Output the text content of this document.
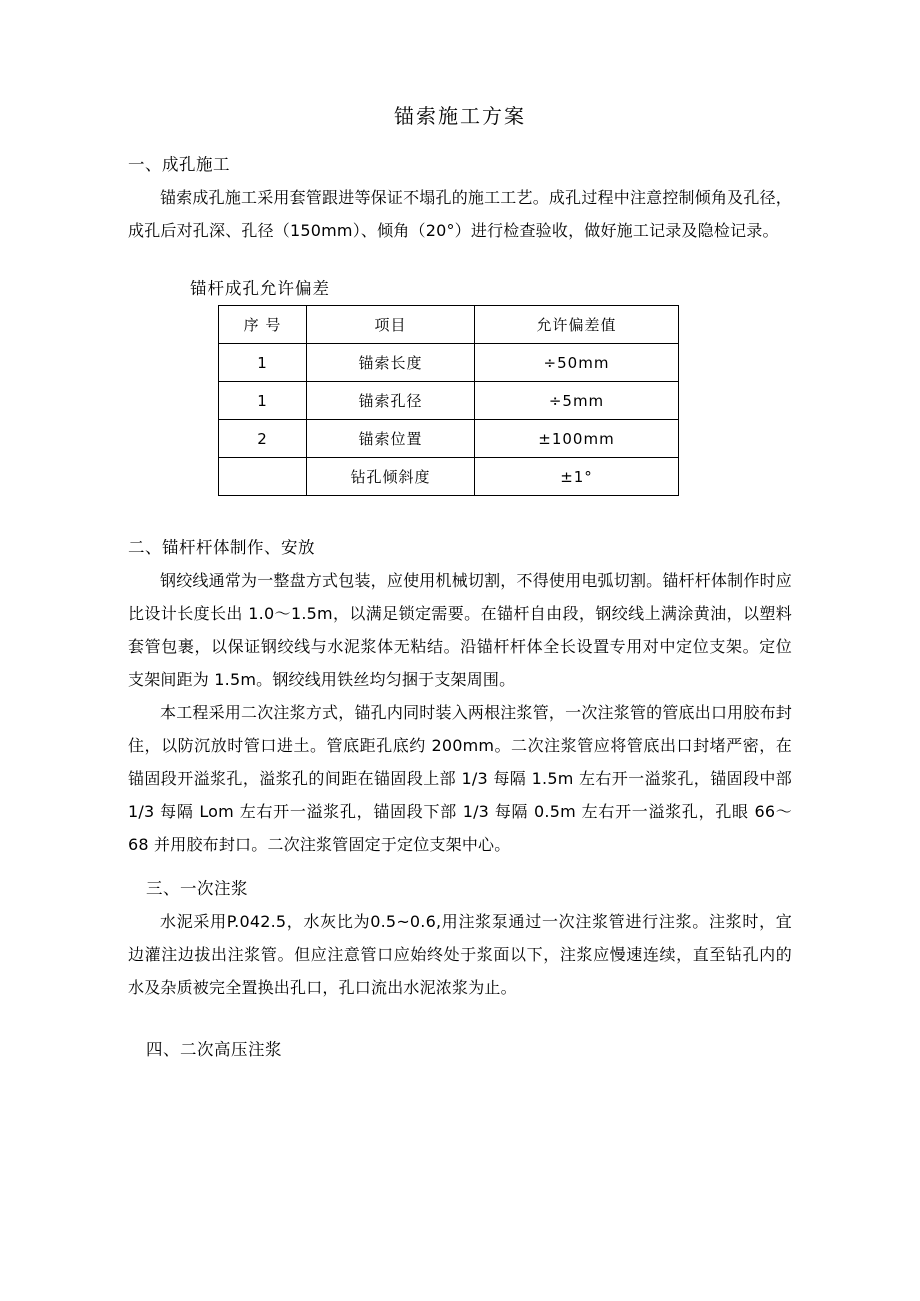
锚索施工方案
一、成孔施工

锚索成孔施工采用套管跟进等保证不塌孔的施工工艺。成孔过程中注意控制倾角及孔径，成孔后对孔深、孔径（150mm）、倾角（20°）进行检查验收，做好施工记录及隐检记录。

锚杆成孔允许偏差
序 号	项目	允许偏差值
1	锚索长度	÷50mm
1	锚索孔径	÷5mm
2	锚索位置	±100mm
	钻孔倾斜度	±1°
二、锚杆杆体制作、安放

钢绞线通常为一整盘方式包装，应使用机械切割，不得使用电弧切割。锚杆杆体制作时应比设计长度长出 1.0～1.5m，以满足锁定需要。在锚杆自由段，钢绞线上满涂黄油，以塑料套管包裹，以保证钢绞线与水泥浆体无粘结。沿锚杆杆体全长设置专用对中定位支架。定位支架间距为 1.5m。钢绞线用铁丝均匀捆于支架周围。

本工程采用二次注浆方式，锚孔内同时装入两根注浆管，一次注浆管的管底出口用胶布封住，以防沉放时管口进土。管底距孔底约 200mm。二次注浆管应将管底出口封堵严密，在锚固段开溢浆孔，溢浆孔的间距在锚固段上部 1/3 每隔 1.5m 左右开一溢浆孔，锚固段中部 1/3 每隔 Lom 左右开一溢浆孔，锚固段下部 1/3 每隔 0.5m 左右开一溢浆孔，孔眼 66～68 并用胶布封口。二次注浆管固定于定位支架中心。

三、一次注浆

水泥采用P.042.5，水灰比为0.5~0.6,用注浆泵通过一次注浆管进行注浆。注浆时，宜边灌注边拔出注浆管。但应注意管口应始终处于浆面以下，注浆应慢速连续，直至钻孔内的水及杂质被完全置换出孔口，孔口流出水泥浓浆为止。

四、二次高压注浆
